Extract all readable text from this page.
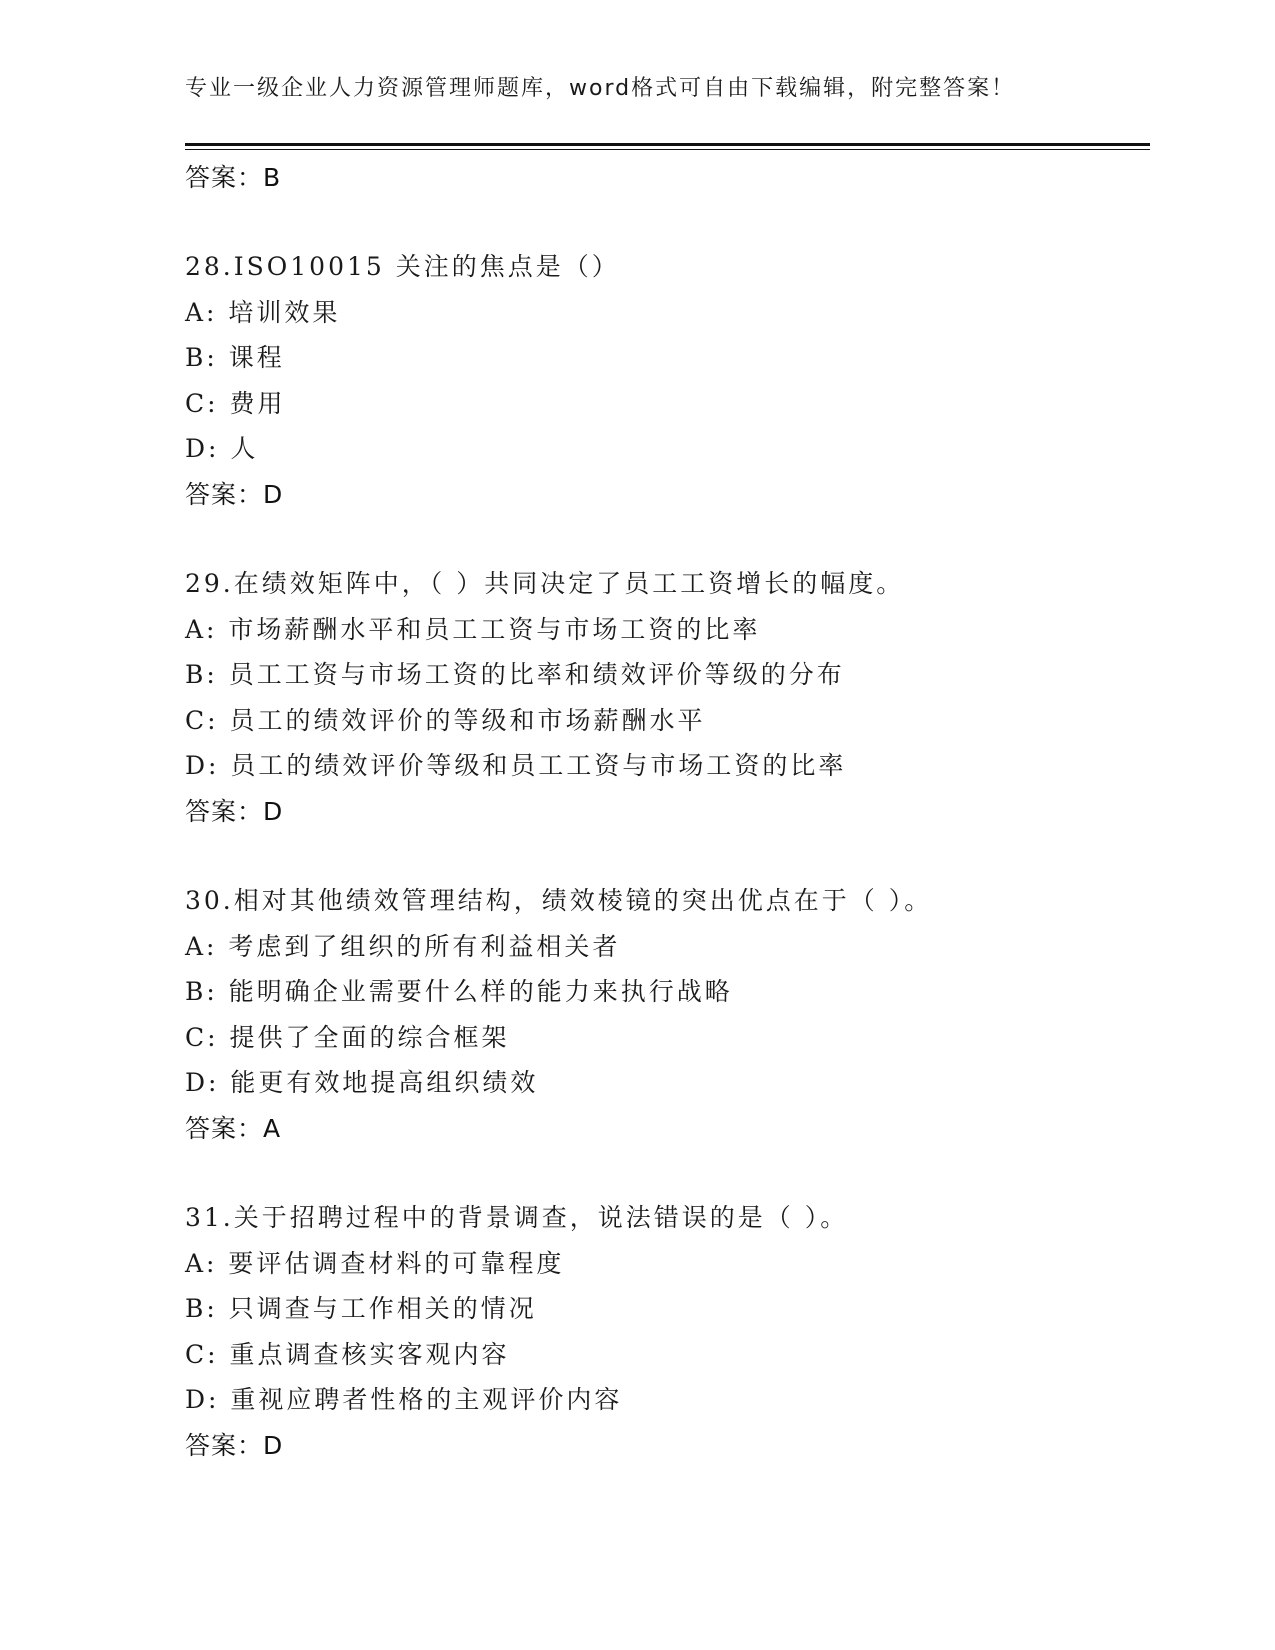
专业一级企业人力资源管理师题库，word格式可自由下载编辑，附完整答案！
答案：B
28.ISO10015 关注的焦点是（）
A: 培训效果
B: 课程
C: 费用
D: 人
答案：D
29.在绩效矩阵中，（ ）共同决定了员工工资增长的幅度。
A: 市场薪酬水平和员工工资与市场工资的比率
B: 员工工资与市场工资的比率和绩效评价等级的分布
C: 员工的绩效评价的等级和市场薪酬水平
D: 员工的绩效评价等级和员工工资与市场工资的比率
答案：D
30.相对其他绩效管理结构，绩效棱镜的突出优点在于（ ）。
A: 考虑到了组织的所有利益相关者
B: 能明确企业需要什么样的能力来执行战略
C: 提供了全面的综合框架
D: 能更有效地提高组织绩效
答案：A
31.关于招聘过程中的背景调查，说法错误的是（ ）。
A: 要评估调查材料的可靠程度
B: 只调查与工作相关的情况
C: 重点调查核实客观内容
D: 重视应聘者性格的主观评价内容
答案：D
